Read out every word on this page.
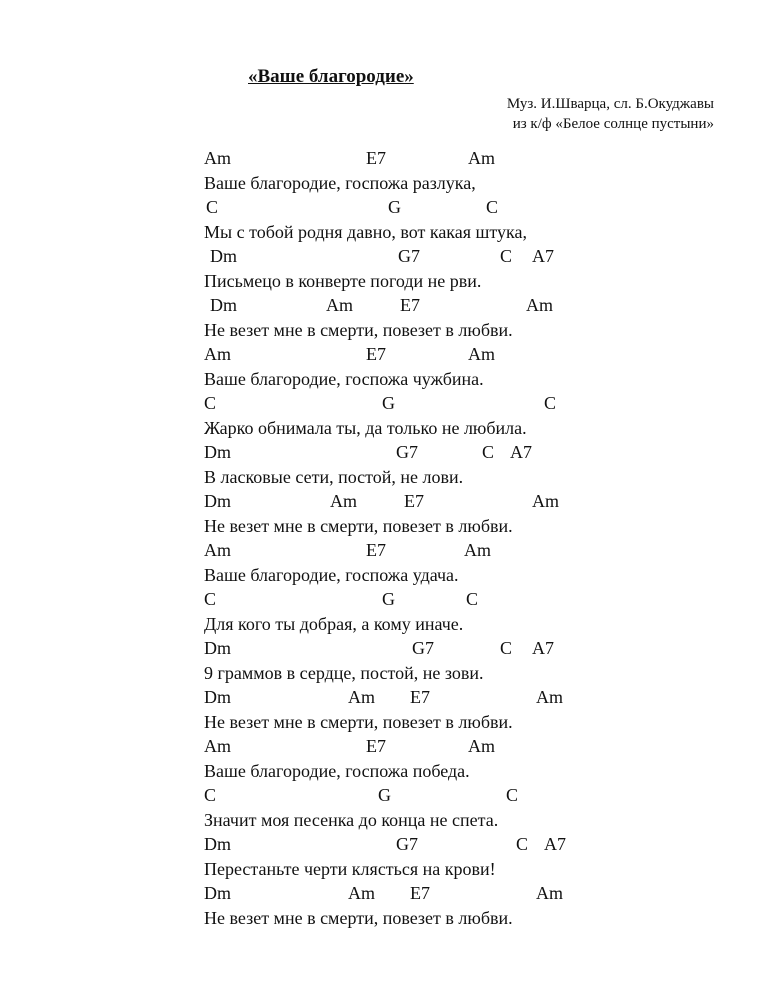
«Ваше благородие»
Муз. И.Шварца, сл. Б.Окуджавы
из к/ф «Белое солнце пустыни»
Am	E7	Am
Ваше благородие, госпожа разлука,
C	G	C
Мы с тобой родня давно, вот какая штука,
Dm	G7	C A7
Письмецо в конверте погоди не рви.
Dm	Am	E7	Am
Не везет мне в смерти, повезет в любви.
Am	E7	Am
Ваше благородие, госпожа чужбина.
C	G	C
Жарко обнимала ты, да только не любила.
Dm	G7	C A7
В ласковые сети, постой, не лови.
Dm	Am	E7	Am
Не везет мне в смерти, повезет в любви.
Am	E7	Am
Ваше благородие, госпожа удача.
C	G	C
Для кого ты добрая, а кому иначе.
Dm	G7	C A7
9 граммов в сердце, постой, не зови.
Dm	Am E7	Am
Не везет мне в смерти, повезет в любви.
Am	E7	Am
Ваше благородие, госпожа победа.
C	G	C
Значит моя песенка до конца не спета.
Dm	G7	C A7
Перестаньте черти клясться на крови!
Dm	Am E7	Am
Не везет мне в смерти, повезет в любви.
